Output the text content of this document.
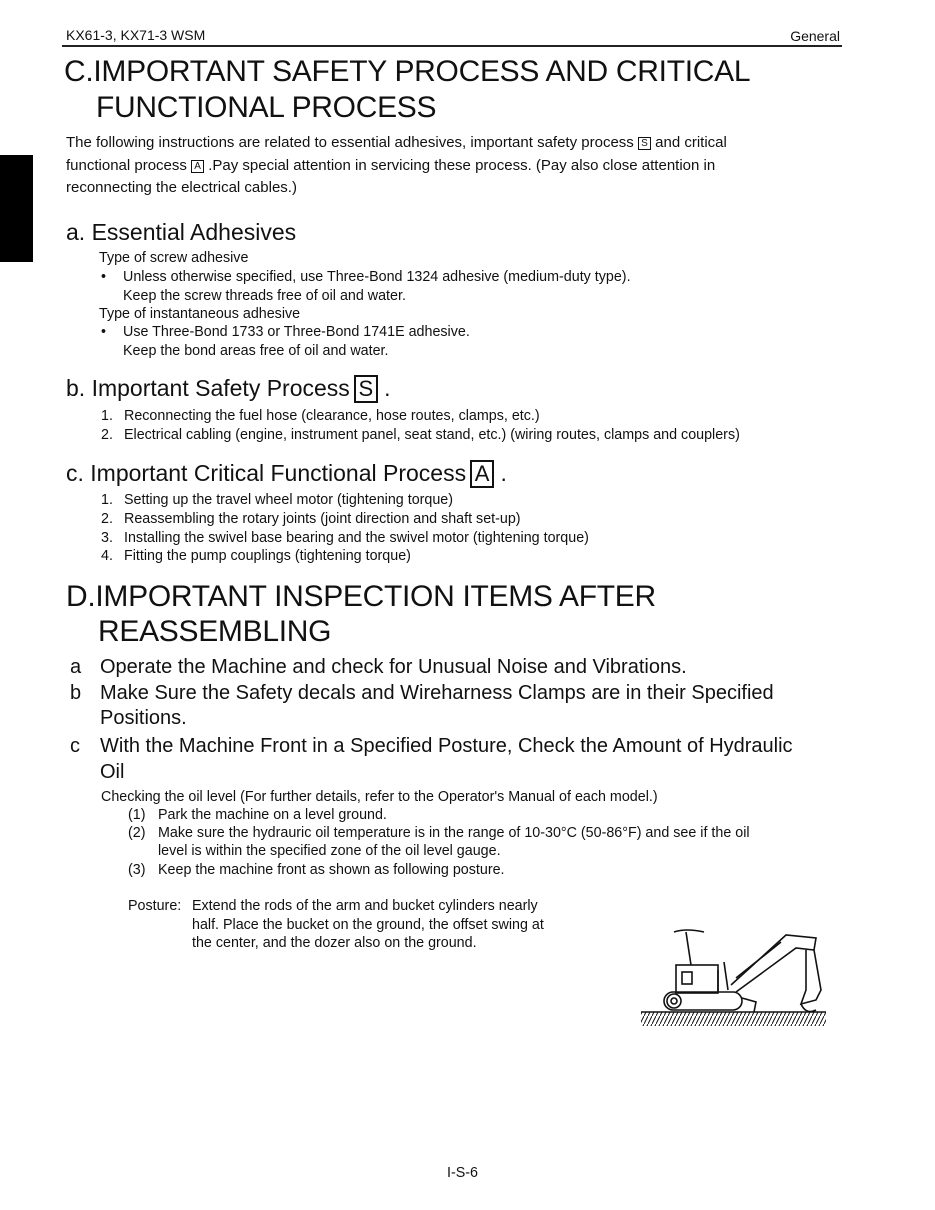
KX61-3, KX71-3 WSM	General
C.IMPORTANT SAFETY PROCESS AND CRITICAL
FUNCTIONAL PROCESS
The following instructions are related to essential adhesives, important safety process S and critical
functional process A .Pay special attention in servicing these process. (Pay also close attention in
reconnecting the electrical cables.)
a. Essential Adhesives
Type of screw adhesive
• Unless otherwise specified, use Three-Bond 1324 adhesive (medium-duty type).
Keep the screw threads free of oil and water.
Type of instantaneous adhesive
• Use Three-Bond 1733 or Three-Bond 1741E adhesive.
Keep the bond areas free of oil and water.
b. Important Safety Process S .
1. Reconnecting the fuel hose (clearance, hose routes, clamps, etc.)
2. Electrical cabling (engine, instrument panel, seat stand, etc.) (wiring routes, clamps and couplers)
c. Important Critical Functional Process A .
1. Setting up the travel wheel motor (tightening torque)
2. Reassembling the rotary joints (joint direction and shaft set-up)
3. Installing the swivel base bearing and the swivel motor (tightening torque)
4. Fitting the pump couplings (tightening torque)
D.IMPORTANT INSPECTION ITEMS AFTER
REASSEMBLING
a Operate the Machine and check for Unusual Noise and Vibrations.
b Make Sure the Safety decals and Wireharness Clamps are in their Specified
Positions.
c With the Machine Front in a Specified Posture, Check the Amount of Hydraulic
Oil
Checking the oil level (For further details, refer to the Operator's Manual of each model.)
(1) Park the machine on a level ground.
(2) Make sure the hydrauric oil temperature is in the range of 10-30°C (50-86°F) and see if the oil
level is within the specified zone of the oil level gauge.
(3) Keep the machine front as shown as following posture.
Posture: Extend the rods of the arm and bucket cylinders nearly
half. Place the bucket on the ground, the offset swing at
the center, and the dozer also on the ground.
I-S-6
